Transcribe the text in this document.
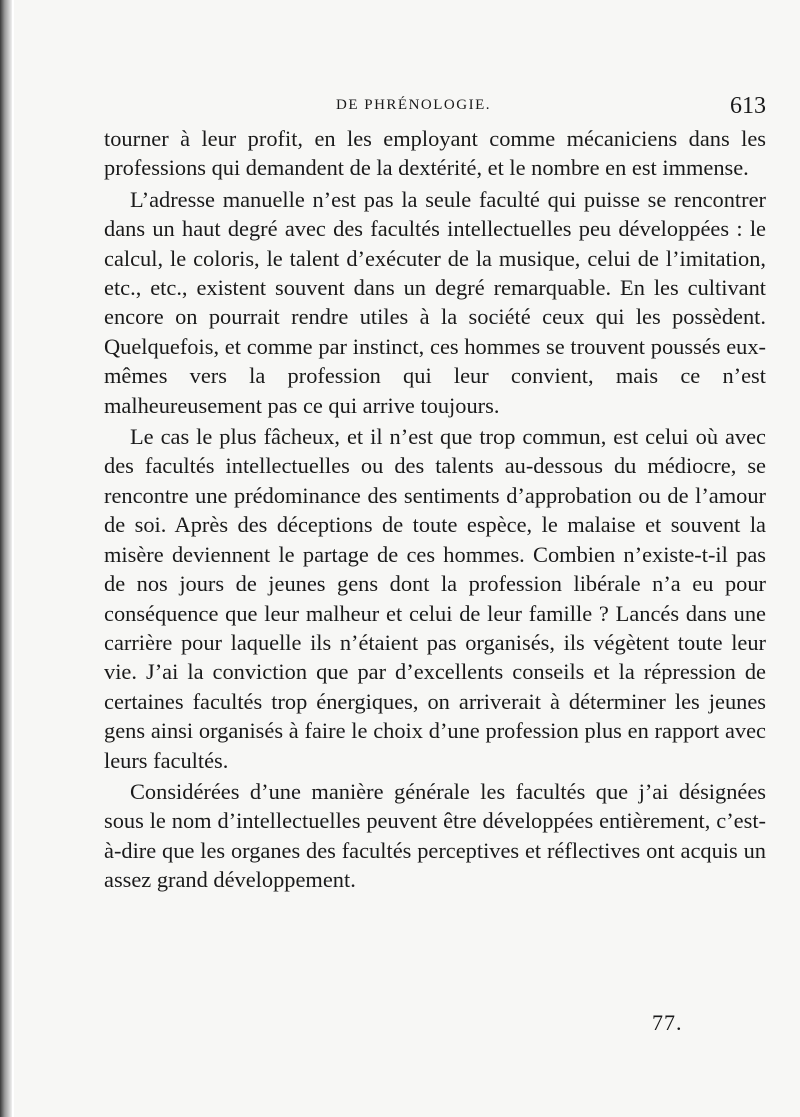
DE PHRÉNOLOGIE.	613

tourner à leur profit, en les employant comme mécaniciens dans les professions qui demandent de la dextérité, et le nombre en est immense.

L’adresse manuelle n’est pas la seule faculté qui puisse se rencontrer dans un haut degré avec des facultés intellectuelles peu développées : le calcul, le coloris, le talent d’exécuter de la musique, celui de l’imitation, etc., etc., existent souvent dans un degré remarquable. En les cultivant encore on pourrait rendre utiles à la société ceux qui les possèdent. Quelquefois, et comme par instinct, ces hommes se trouvent poussés eux-mêmes vers la profession qui leur convient, mais ce n’est malheureusement pas ce qui arrive toujours.

Le cas le plus fâcheux, et il n’est que trop commun, est celui où avec des facultés intellectuelles ou des talents au-dessous du médiocre, se rencontre une prédominance des sentiments d’approbation ou de l’amour de soi. Après des déceptions de toute espèce, le malaise et souvent la misère deviennent le partage de ces hommes. Combien n’existe-t-il pas de nos jours de jeunes gens dont la profession libérale n’a eu pour conséquence que leur malheur et celui de leur famille ? Lancés dans une carrière pour laquelle ils n’étaient pas organisés, ils végètent toute leur vie. J’ai la conviction que par d’excellents conseils et la répression de certaines facultés trop énergiques, on arriverait à déterminer les jeunes gens ainsi organisés à faire le choix d’une profession plus en rapport avec leurs facultés.

Considérées d’une manière générale les facultés que j’ai désignées sous le nom d’intellectuelles peuvent être développées entièrement, c’est-à-dire que les organes des facultés perceptives et réflectives ont acquis un assez grand développement.

77.
